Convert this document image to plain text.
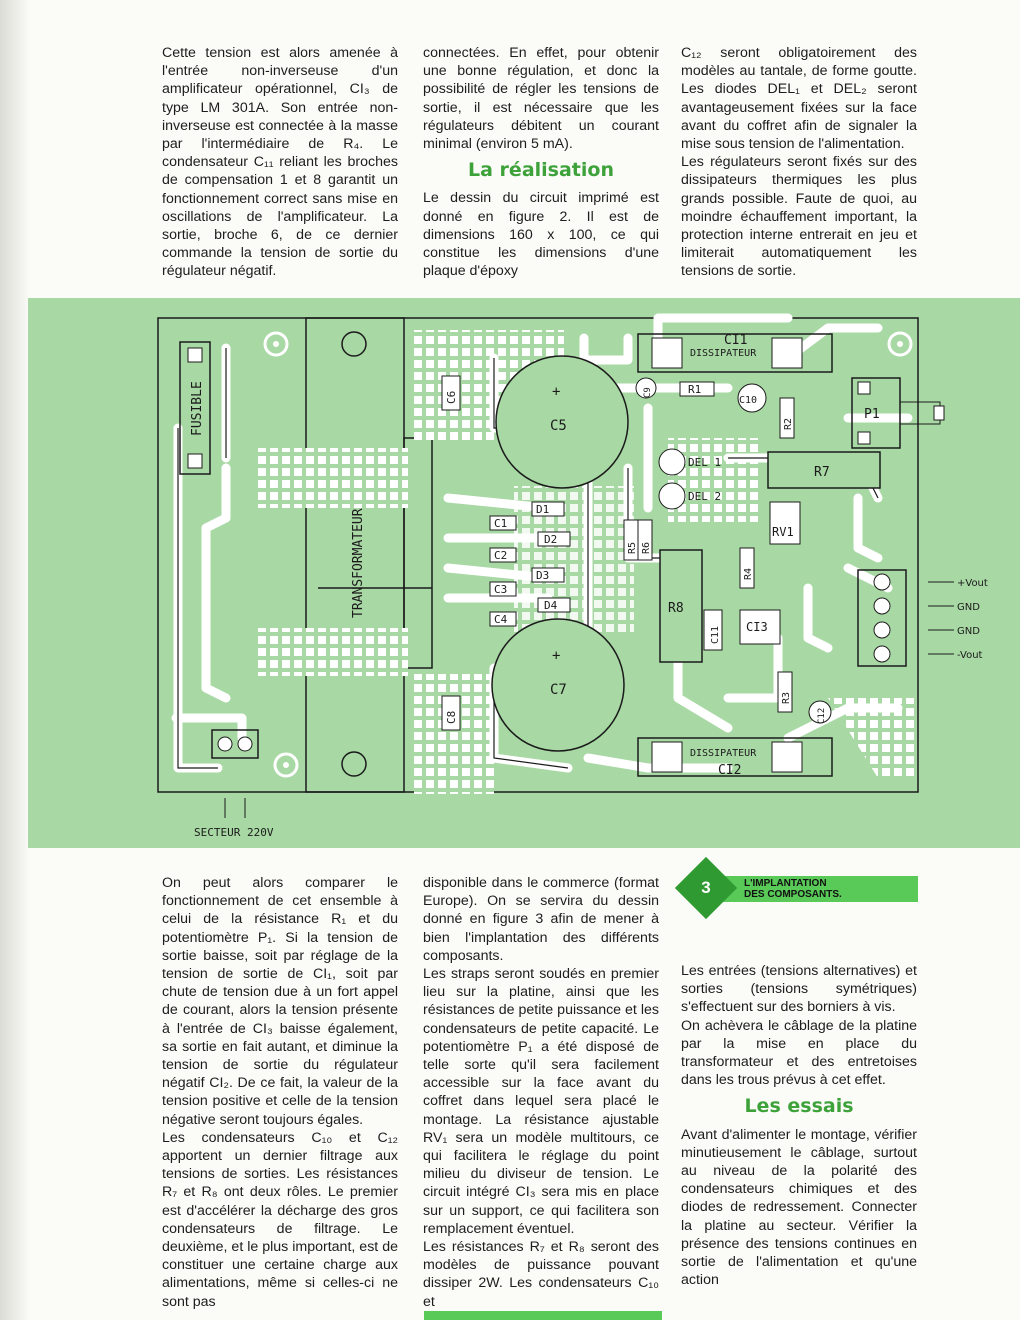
Cette tension est alors amenée à l'entrée non-inverseuse d'un amplificateur opérationnel, CI₃ de type LM 301A. Son entrée non-inverseuse est connectée à la masse par l'intermédiaire de R₄. Le condensateur C₁₁ reliant les broches de compensation 1 et 8 garantit un fonctionnement correct sans mise en oscillations de l'amplificateur. La sortie, broche 6, de ce dernier commande la tension de sortie du régulateur négatif.

connectées. En effet, pour obtenir une bonne régulation, et donc la possibilité de régler les tensions de sortie, il est nécessaire que les régulateurs débitent un courant minimal (environ 5 mA).

La réalisation

Le dessin du circuit imprimé est donné en figure 2. Il est de dimensions 160 x 100, ce qui constitue les dimensions d'une plaque d'époxy

C₁₂ seront obligatoirement des modèles au tantale, de forme goutte. Les diodes DEL₁ et DEL₂ seront avantageusement fixées sur la face avant du coffret afin de signaler la mise sous tension de l'alimentation.

Les régulateurs seront fixés sur des dissipateurs thermiques les plus grands possible. Faute de quoi, au moindre échauffement important, la protection interne entrerait en jeu et limiterait automatiquement les tensions de sortie.

FUSIBLE
TRANSFORMATEUR
C6
C8
C5
+
C7
+
C1
C2
C3
C4
D1
D2
D3
D4
R5 R6
R8
DEL 1
DEL 2
CI1
DISSIPATEUR
C9	R1
C10
R2
P1
R7
RV1
R4
C11 CI3
R3
C12
DISSIPATEUR
CI2
+Vout
GND
GND
-Vout
SECTEUR 220V
3	L'IMPLANTATION
DES COMPOSANTS.

On peut alors comparer le fonctionnement de cet ensemble à celui de la résistance R₁ et du potentiomètre P₁. Si la tension de sortie baisse, soit par réglage de la tension de sortie de CI₁, soit par chute de tension due à un fort appel de courant, alors la tension présente à l'entrée de CI₃ baisse également, sa sortie en fait autant, et diminue la tension de sortie du régulateur négatif CI₂. De ce fait, la valeur de la tension positive et celle de la tension négative seront toujours égales.

Les condensateurs C₁₀ et C₁₂ apportent un dernier filtrage aux tensions de sorties. Les résistances R₇ et R₈ ont deux rôles. Le premier est d'accélérer la décharge des gros condensateurs de filtrage. Le deuxième, et le plus important, est de constituer une certaine charge aux alimentations, même si celles-ci ne sont pas

disponible dans le commerce (format Europe). On se servira du dessin donné en figure 3 afin de mener à bien l'implantation des différents composants.

Les straps seront soudés en premier lieu sur la platine, ainsi que les résistances de petite puissance et les condensateurs de petite capacité. Le potentiomètre P₁ a été disposé de telle sorte qu'il sera facilement accessible sur la face avant du coffret dans lequel sera placé le montage. La résistance ajustable RV₁ sera un modèle multitours, ce qui facilitera le réglage du point milieu du diviseur de tension. Le circuit intégré CI₃ sera mis en place sur un support, ce qui facilitera son remplacement éventuel.

Les résistances R₇ et R₈ seront des modèles de puissance pouvant dissiper 2W. Les condensateurs C₁₀ et

Les entrées (tensions alternatives) et sorties (tensions symétriques) s'effectuent sur des borniers à vis.

On achèvera le câblage de la platine par la mise en place du transformateur et des entretoises dans les trous prévus à cet effet.

Les essais

Avant d'alimenter le montage, vérifier minutieusement le câblage, surtout au niveau de la polarité des condensateurs chimiques et des diodes de redressement. Connecter la platine au secteur. Vérifier la présence des tensions continues en sortie de l'alimentation et qu'une action
